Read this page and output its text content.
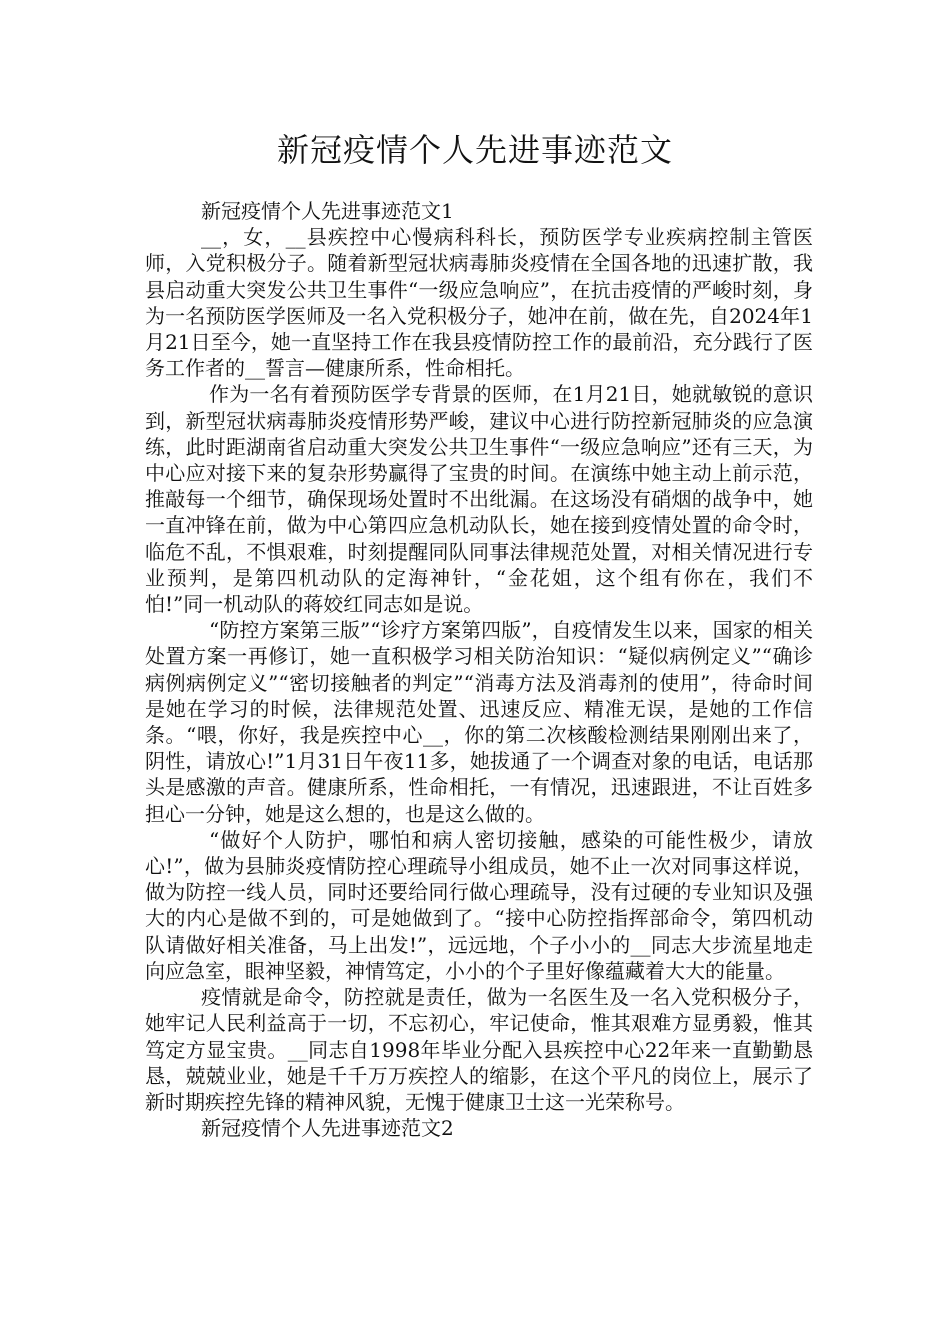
新冠疫情个人先进事迹范文

新冠疫情个人先进事迹范文1

__，女，__县疾控中心慢病科科长，预防医学专业疾病控制主管医师，入党积极分子。随着新型冠状病毒肺炎疫情在全国各地的迅速扩散，我县启动重大突发公共卫生事件“一级应急响应”，在抗击疫情的严峻时刻，身为一名预防医学医师及一名入党积极分子，她冲在前，做在先，自2024年1月21日至今，她一直坚持工作在我县疫情防控工作的最前沿，充分践行了医务工作者的__誓言—健康所系，性命相托。

作为一名有着预防医学专背景的医师，在1月21日，她就敏锐的意识到，新型冠状病毒肺炎疫情形势严峻，建议中心进行防控新冠肺炎的应急演练，此时距湖南省启动重大突发公共卫生事件“一级应急响应”还有三天，为中心应对接下来的复杂形势赢得了宝贵的时间。在演练中她主动上前示范，推敲每一个细节，确保现场处置时不出纰漏。在这场没有硝烟的战争中，她一直冲锋在前，做为中心第四应急机动队长，她在接到疫情处置的命令时，临危不乱，不惧艰难，时刻提醒同队同事法律规范处置，对相关情况进行专业预判，是第四机动队的定海神针，“金花姐，这个组有你在，我们不怕!”同一机动队的蒋姣红同志如是说。

“防控方案第三版”“诊疗方案第四版”，自疫情发生以来，国家的相关处置方案一再修订，她一直积极学习相关防治知识：“疑似病例定义”“确诊病例病例定义”“密切接触者的判定”“消毒方法及消毒剂的使用”，待命时间是她在学习的时候，法律规范处置、迅速反应、精准无误，是她的工作信条。“喂，你好，我是疾控中心__，你的第二次核酸检测结果刚刚出来了，阴性，请放心!”1月31日午夜11多，她拔通了一个调查对象的电话，电话那头是感激的声音。健康所系，性命相托，一有情况，迅速跟进，不让百姓多担心一分钟，她是这么想的，也是这么做的。

“做好个人防护，哪怕和病人密切接触，感染的可能性极少，请放心!”，做为县肺炎疫情防控心理疏导小组成员，她不止一次对同事这样说，做为防控一线人员，同时还要给同行做心理疏导，没有过硬的专业知识及强大的内心是做不到的，可是她做到了。“接中心防控指挥部命令，第四机动队请做好相关准备，马上出发!”，远远地，个子小小的__同志大步流星地走向应急室，眼神坚毅，神情笃定，小小的个子里好像蕴藏着大大的能量。

疫情就是命令，防控就是责任，做为一名医生及一名入党积极分子，她牢记人民利益高于一切，不忘初心，牢记使命，惟其艰难方显勇毅，惟其笃定方显宝贵。__同志自1998年毕业分配入县疾控中心22年来一直勤勤恳恳，兢兢业业，她是千千万万疾控人的缩影，在这个平凡的岗位上，展示了新时期疾控先锋的精神风貌，无愧于健康卫士这一光荣称号。

新冠疫情个人先进事迹范文2
